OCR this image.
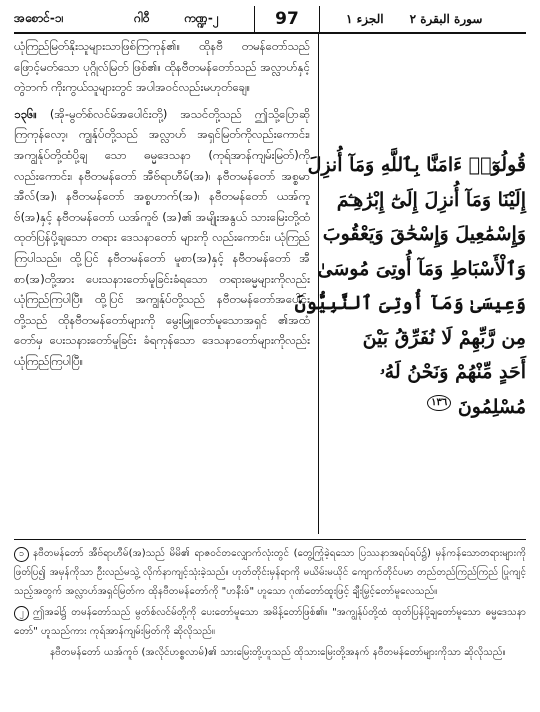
အစောင်-၁၊	ဂါဝီ	ကဏ္ဍ-၂	97	سورة البقرة ٢
الجزء ١

ယုံကြည်မြတ်နိုးသူများသာဖြစ်ကြကုန်၏။ ထိုနဗီ တမန်တော်သည် ဖြောင့်မတ်သော ပုဂ္ဂိုလ်မြတ် ဖြစ်၏။ ထိုနဗီတမန်တော်သည် အလ္လာဟ်နှင့် တွဲဘက် ကိုးကွယ်သူများတွင် အပါအဝင်လည်းမဟုတ်ချေ။

၁၃၆။ (အို-မွတ်စ်လင်မ်အပေါင်းတို့) အသင်တို့သည် ဤသို့ပြောဆိုကြကုန်လော့၊ ကျွန်ုပ်တို့သည် အလ္လာဟ် အရှင်မြတ်ကိုလည်းကောင်း၊ အကျွန်ုပ်တို့ထံပို့ချ သော ဓမ္မဒေသနာ (ကုရ်အာန်ကျမ်းမြတ်)ကို လည်းကောင်း၊ နဗီတမန်တော် အီဗ်ရာဟီမ်(အ)၊ နဗီတမန်တော် အစ္စမာအီလ်(အ)၊ နဗီတမန်တော် အစ္စဟာက်(အ)၊ နဗီတမန်တော် ယအ်ကူဗ်(အ)နှင့် နဗီတမန်တော် ယအ်ကူဗ် (အ)၏ အမျိုးအနွယ် သားမြေးတို့ထံ ထုတ်ပြန်ပို့ချသော တရား ဒေသနာတော် များကို လည်းကောင်း၊ ယုံကြည်ကြပါသည်။ ထို့ပြင် နဗီတမန်တော် မူစာ(အ)နှင့် နဗီတမန်တော် အီစာ(အ)တို့အား ပေးသနားတော်မူခြင်းခံရသော တရားဓမ္မများကိုလည်း ယုံကြည်ကြပါပြီ။ ထို့ပြင် အကျွန်ုပ်တို့သည် နဗီတမန်တော်အပေါင်းတို့သည် ထိုနဗီတမန်တော်များကို မွေးမြူတော်မူသောအရှင် ၏အထံတော်မှ ပေးသနားတော်မူခြင်း ခံရကုန်သော ဒေသနာတော်များကိုလည်း ယုံကြည်ကြပါပြီ။

قُولُوٓا۟ ءَامَنَّا بِٱللَّهِ وَمَآ أُنزِلَ
إِلَيْنَا وَمَآ أُنزِلَ إِلَىٰٓ إِبْرَٰهِـۧمَ
وَإِسْمَٰعِيلَ وَإِسْحَٰقَ وَيَعْقُوبَ
وَٱلْأَسْبَاطِ وَمَآ أُوتِىَ مُوسَىٰ
وَعِيسَىٰ وَمَآ أُوتِىَ ٱلنَّبِيُّونَ
مِن رَّبِّهِمْ لَا نُفَرِّقُ بَيْنَ
أَحَدٍ مِّنْهُمْ وَنَحْنُ لَهُۥ
مُسْلِمُونَ ١٣٦

၁ နဗီတမန်တော် အီဗ်ရာဟီမ်(အ)သည် မိမိ၏ ရာဇဝင်တလျှောက်လုံးတွင် (တွေ့ကြုံခဲ့ရသော ပြဿနာအရပ်ရပ်၌) မှန်ကန်သောတရားများကို ဖြတ်ပြ၍ အမှန်ကိုသာ ဦးလည်မသွဲ့ လိုက်နာကျင့်သုံးခဲ့သည်။ ဟုတ်တိုင်းမှန်ရာကို မယိမ်းမယိုင် ကျောက်တိုင်ပမာ တည်တည်ကြည်ကြည် ပြုကျင့်သည့်အတွက် အလ္လာဟ်အရှင်မြတ်က ထိုနဗီတမန်တော်ကို "ဟနီးဖ်" ဟူသော ဂုဏ်တော်ထူးဖြင့် ချီးမြှင့်တော်မူလေသည်။

၂ ဤအခါ၌ တမန်တော်သည် မွတ်စ်လင်မ်တို့ကို ပေးတော်မူသော အမိန့်တော်ဖြစ်၏။ "အကျွန်ုပ်တို့ထံ ထုတ်ပြန်ပို့ချတော်မူသော ဓမ္မဒေသနာတော်" ဟူသည်ကား ကုရ်အာန်ကျမ်းမြတ်ကို ဆိုလိုသည်။

နဗီတမန်တော် ယအ်ကူဗ် (အလိုင်ဟစ္စလာမ်)၏ သားမြေးတို့ဟူသည် ထိုသားမြေးတို့အနက် နဗီတမန်တော်များကိုသာ ဆိုလိုသည်။
